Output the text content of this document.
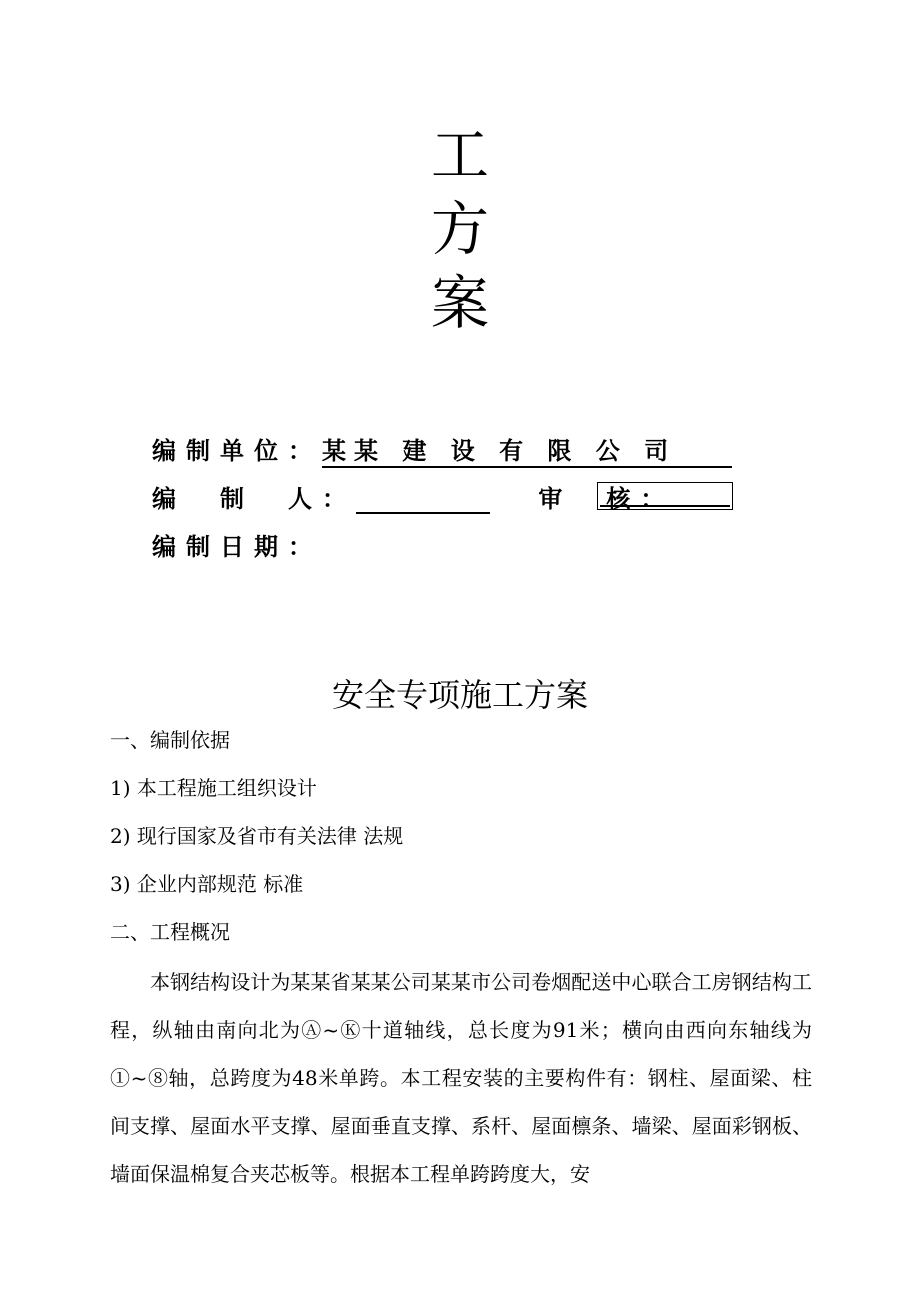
工
方
案
编制单位：某某 建 设 有 限 公 司
编　制　人：	审　核：
编制日期：
安全专项施工方案
一、编制依据
1) 本工程施工组织设计
2) 现行国家及省市有关法律 法规
3) 企业内部规范 标准
二、工程概况
本钢结构设计为某某省某某公司某某市公司卷烟配送中心联合工房钢结构工程，纵轴由南向北为Ⓐ~Ⓚ十道轴线，总长度为91米；横向由西向东轴线为①~⑧轴，总跨度为48米单跨。本工程安装的主要构件有：钢柱、屋面梁、柱间支撑、屋面水平支撑、屋面垂直支撑、系杆、屋面檩条、墙梁、屋面彩钢板、墙面保温棉复合夹芯板等。根据本工程单跨跨度大，安
